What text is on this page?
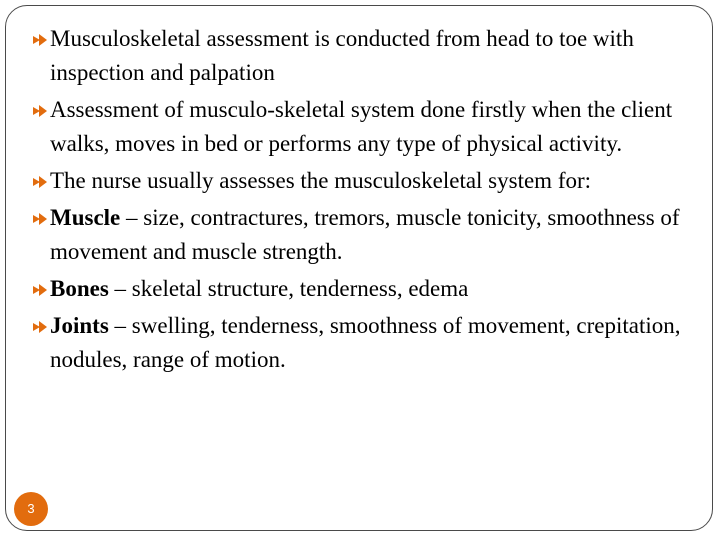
Musculoskeletal assessment is conducted from head to toe with inspection and palpation
Assessment of musculo-skeletal system done firstly when the client walks, moves in bed or performs any type of physical activity.
The nurse usually assesses the musculoskeletal system for:
Muscle – size, contractures, tremors, muscle tonicity, smoothness of movement and muscle strength.
Bones – skeletal structure, tenderness, edema
Joints – swelling, tenderness, smoothness of movement, crepitation, nodules, range of motion.
3
